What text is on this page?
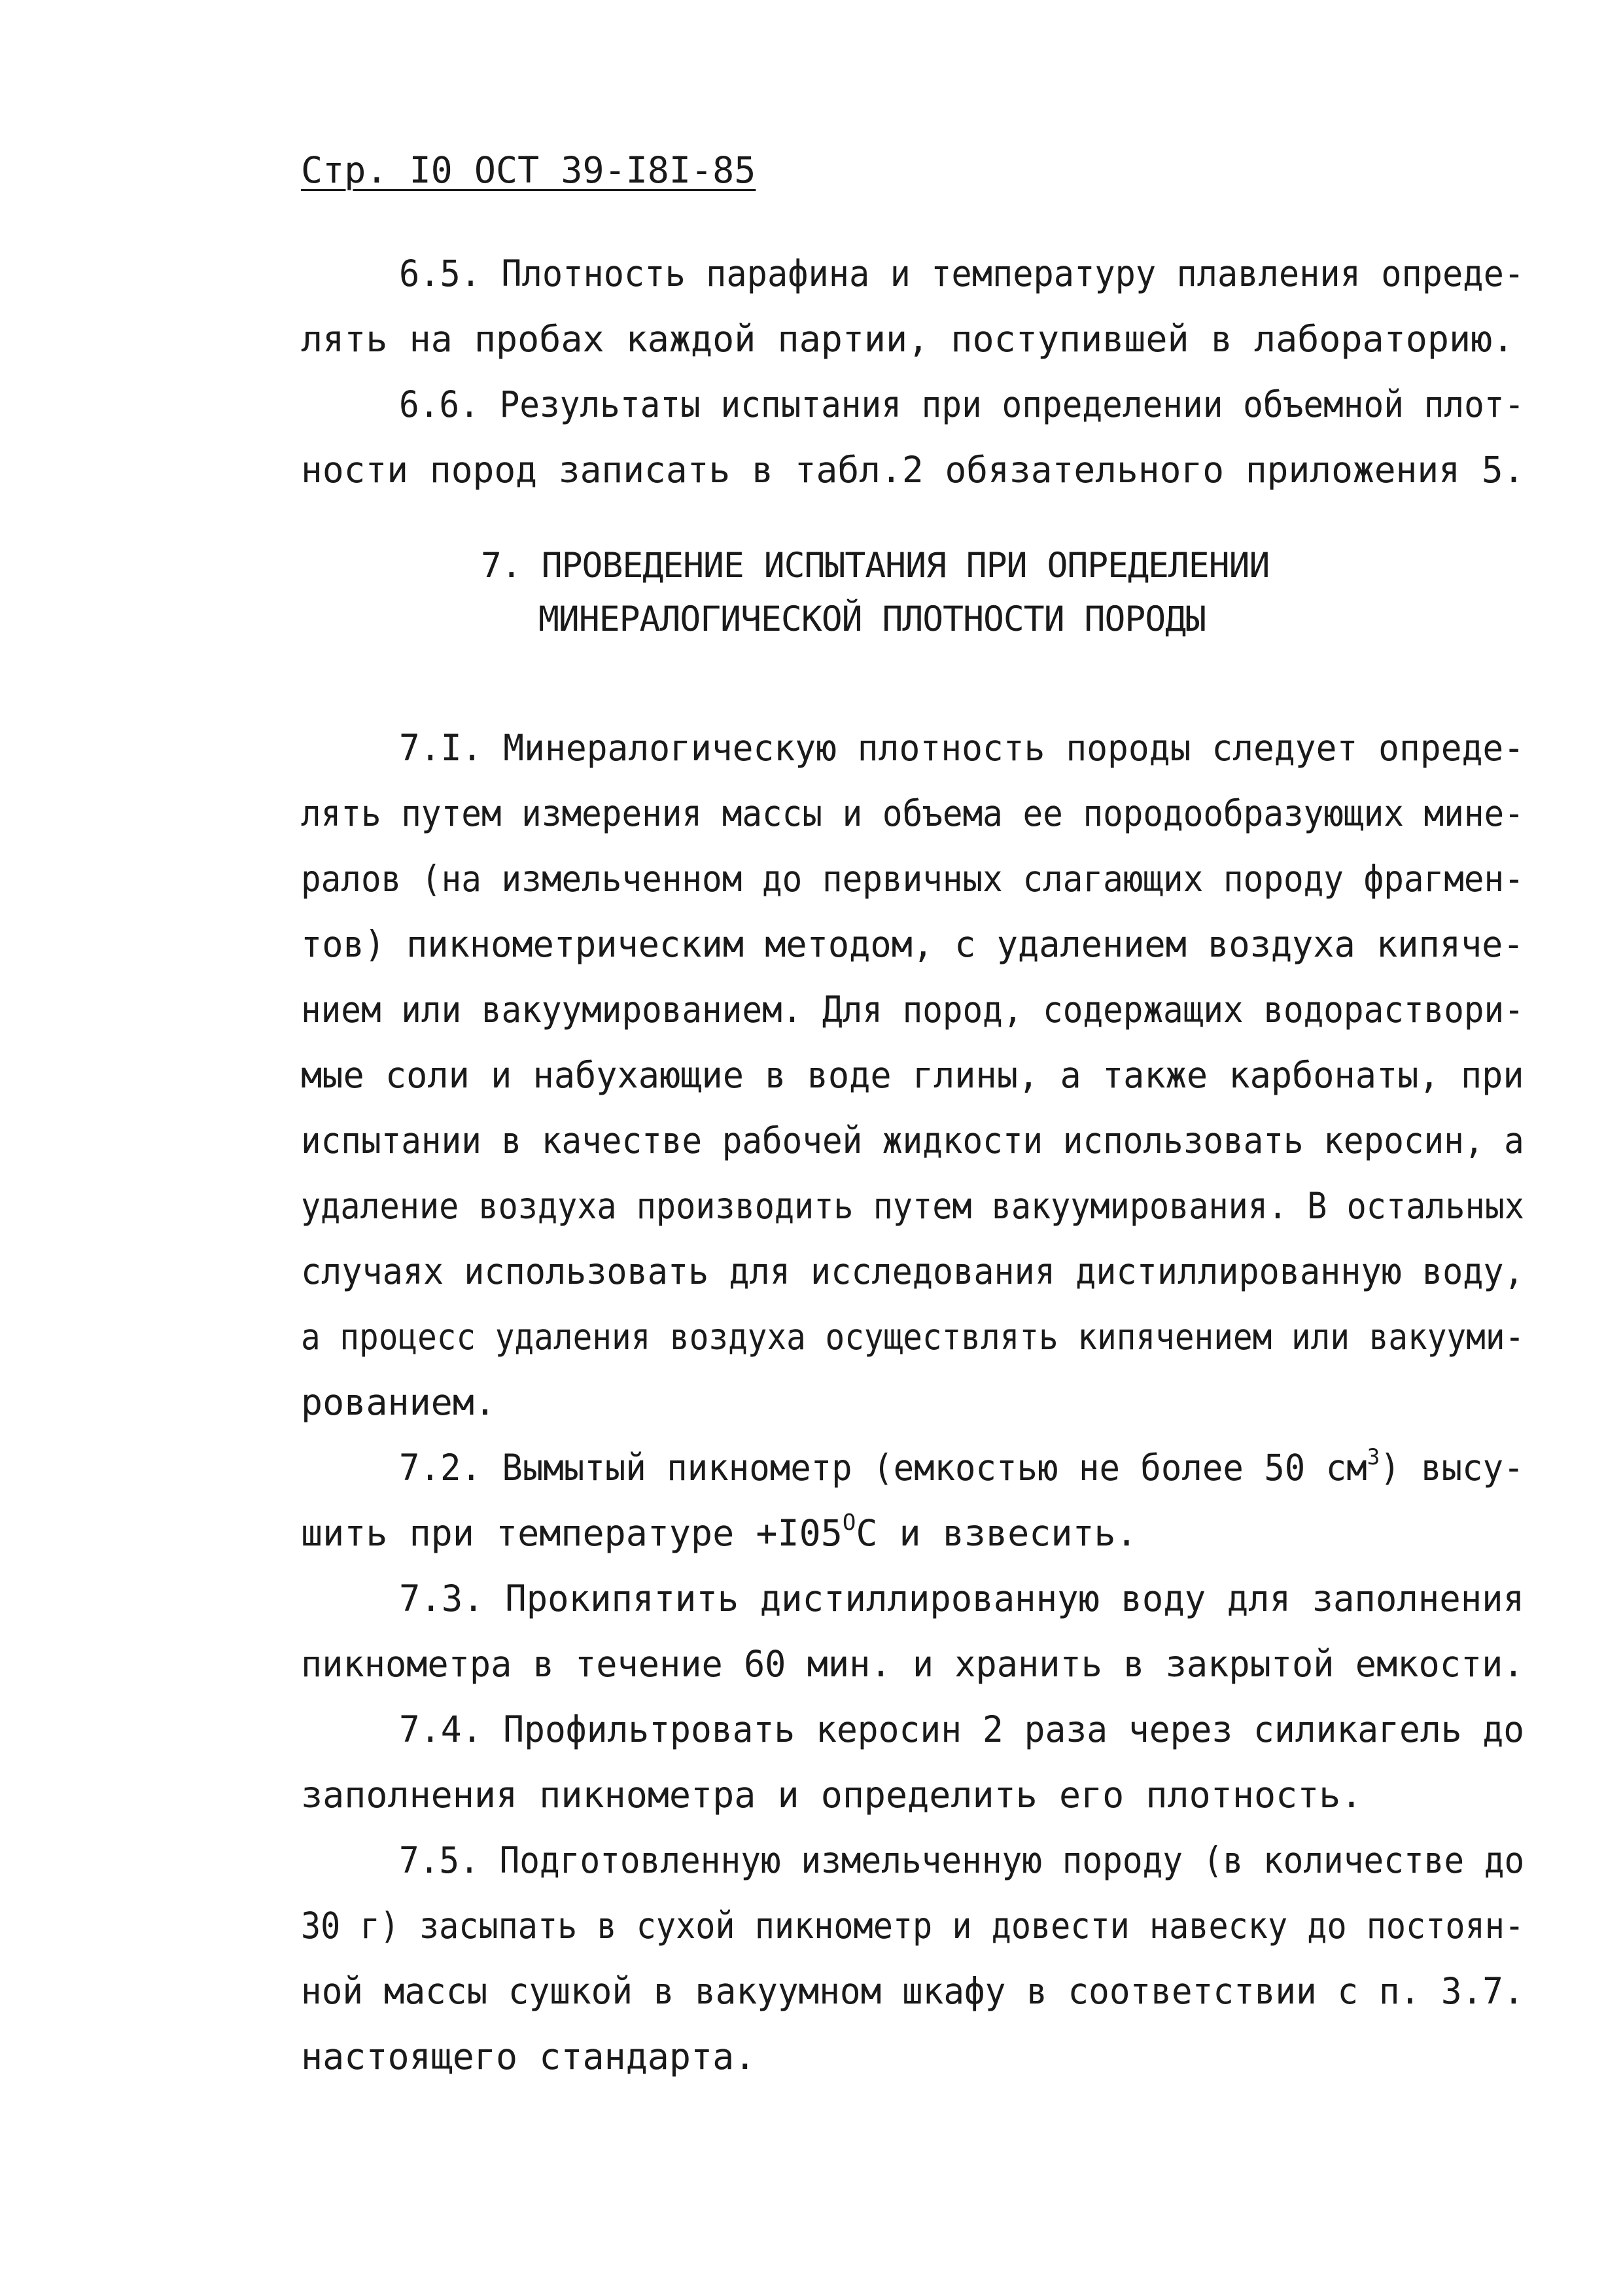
Стр. I0 ОСТ 39-I8I-85
6.5. Плотность парафина и температуру плавления опреде-
лять на пробах каждой партии, поступившей в лабораторию.
6.6. Результаты испытания при определении объемной плот-
ности пород записать в табл.2 обязательного приложения 5.
7. ПРОВЕДЕНИЕ ИСПЫТАНИЯ ПРИ ОПРЕДЕЛЕНИИ
МИНЕРАЛОГИЧЕСКОЙ ПЛОТНОСТИ ПОРОДЫ
7.I. Минералогическую плотность породы следует опреде-
лять путем измерения массы и объема ее породообразующих мине-
ралов (на измельченном до первичных слагающих породу фрагмен-
тов) пикнометрическим методом, с удалением воздуха кипяче-
нием или вакуумированием. Для пород, содержащих водораствори-
мые соли и набухающие в воде глины, а также карбонаты, при
испытании в качестве рабочей жидкости использовать керосин, а
удаление воздуха производить путем вакуумирования. В остальных
случаях использовать для исследования дистиллированную воду,
а процесс удаления воздуха осуществлять кипячением или вакууми-
рованием.
7.2. Вымытый пикнометр (емкостью не более 50 $см^3$) высу-
шить при температуре $+I05^ОС$ и взвесить.
7.3. Прокипятить дистиллированную воду для заполнения
пикнометра в течение 60 мин. и хранить в закрытой емкости.
7.4. Профильтровать керосин 2 раза через силикагель до
заполнения пикнометра и определить его плотность.
7.5. Подготовленную измельченную породу (в количестве до
30 г) засыпать в сухой пикнометр и довести навеску до постоян-
ной массы сушкой в вакуумном шкафу в соответствии с п. 3.7.
настоящего стандарта.
